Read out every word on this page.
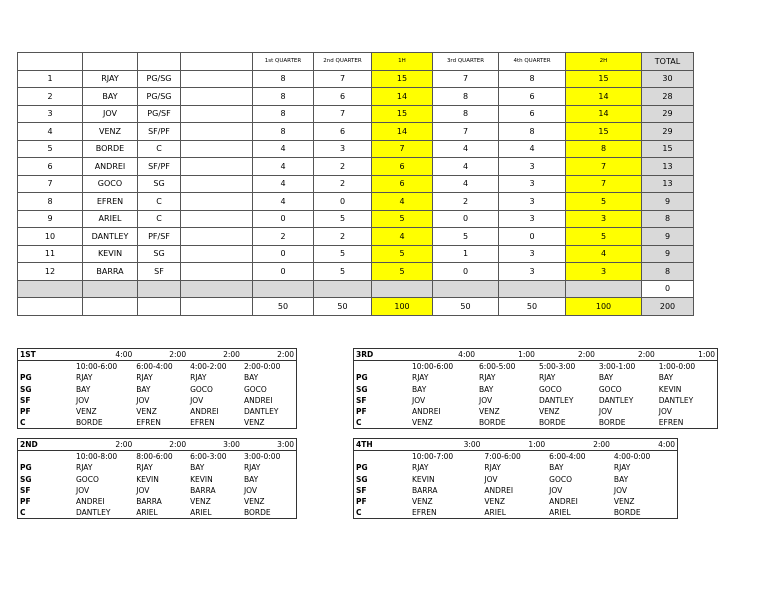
				1st QUARTER	2nd QUARTER	1H	3rd QUARTER	4th QUARTER	2H	TOTAL
1	RJAY	PG/SG		8	7	15	7	8	15	30
2	BAY	PG/SG		8	6	14	8	6	14	28
3	JOV	PG/SF		8	7	15	8	6	14	29
4	VENZ	SF/PF		8	6	14	7	8	15	29
5	BORDE	C		4	3	7	4	4	8	15
6	ANDREI	SF/PF		4	2	6	4	3	7	13
7	GOCO	SG		4	2	6	4	3	7	13
8	EFREN	C		4	0	4	2	3	5	9
9	ARIEL	C		0	5	5	0	3	3	8
10	DANTLEY	PF/SF		2	2	4	5	0	5	9
11	KEVIN	SG		0	5	5	1	3	4	9
12	BARRA	SF		0	5	5	0	3	3	8
										0
				50	50	100	50	50	100	200
1ST	4:00	2:00	2:00	2:00
	10:00-6:00	6:00-4:00	4:00-2:00	2:00-0:00
PG	RJAY	RJAY	RJAY	BAY
SG	BAY	BAY	GOCO	GOCO
SF	JOV	JOV	JOV	ANDREI
PF	VENZ	VENZ	ANDREI	DANTLEY
C	BORDE	EFREN	EFREN	VENZ
3RD	4:00	1:00	2:00	2:00	1:00
	10:00-6:00	6:00-5:00	5:00-3:00	3:00-1:00	1:00-0:00
PG	RJAY	RJAY	RJAY	BAY	BAY
SG	BAY	BAY	GOCO	GOCO	KEVIN
SF	JOV	JOV	DANTLEY	DANTLEY	DANTLEY
PF	ANDREI	VENZ	VENZ	JOV	JOV
C	VENZ	BORDE	BORDE	BORDE	EFREN
2ND	2:00	2:00	3:00	3:00
	10:00-8:00	8:00-6:00	6:00-3:00	3:00-0:00
PG	RJAY	RJAY	BAY	RJAY
SG	GOCO	KEVIN	KEVIN	BAY
SF	JOV	JOV	BARRA	JOV
PF	ANDREI	BARRA	VENZ	VENZ
C	DANTLEY	ARIEL	ARIEL	BORDE
4TH	3:00	1:00	2:00	4:00
	10:00-7:00	7:00-6:00	6:00-4:00	4:00-0:00
PG	RJAY	RJAY	BAY	RJAY
SG	KEVIN	JOV	GOCO	BAY
SF	BARRA	ANDREI	JOV	JOV
PF	VENZ	VENZ	ANDREI	VENZ
C	EFREN	ARIEL	ARIEL	BORDE
